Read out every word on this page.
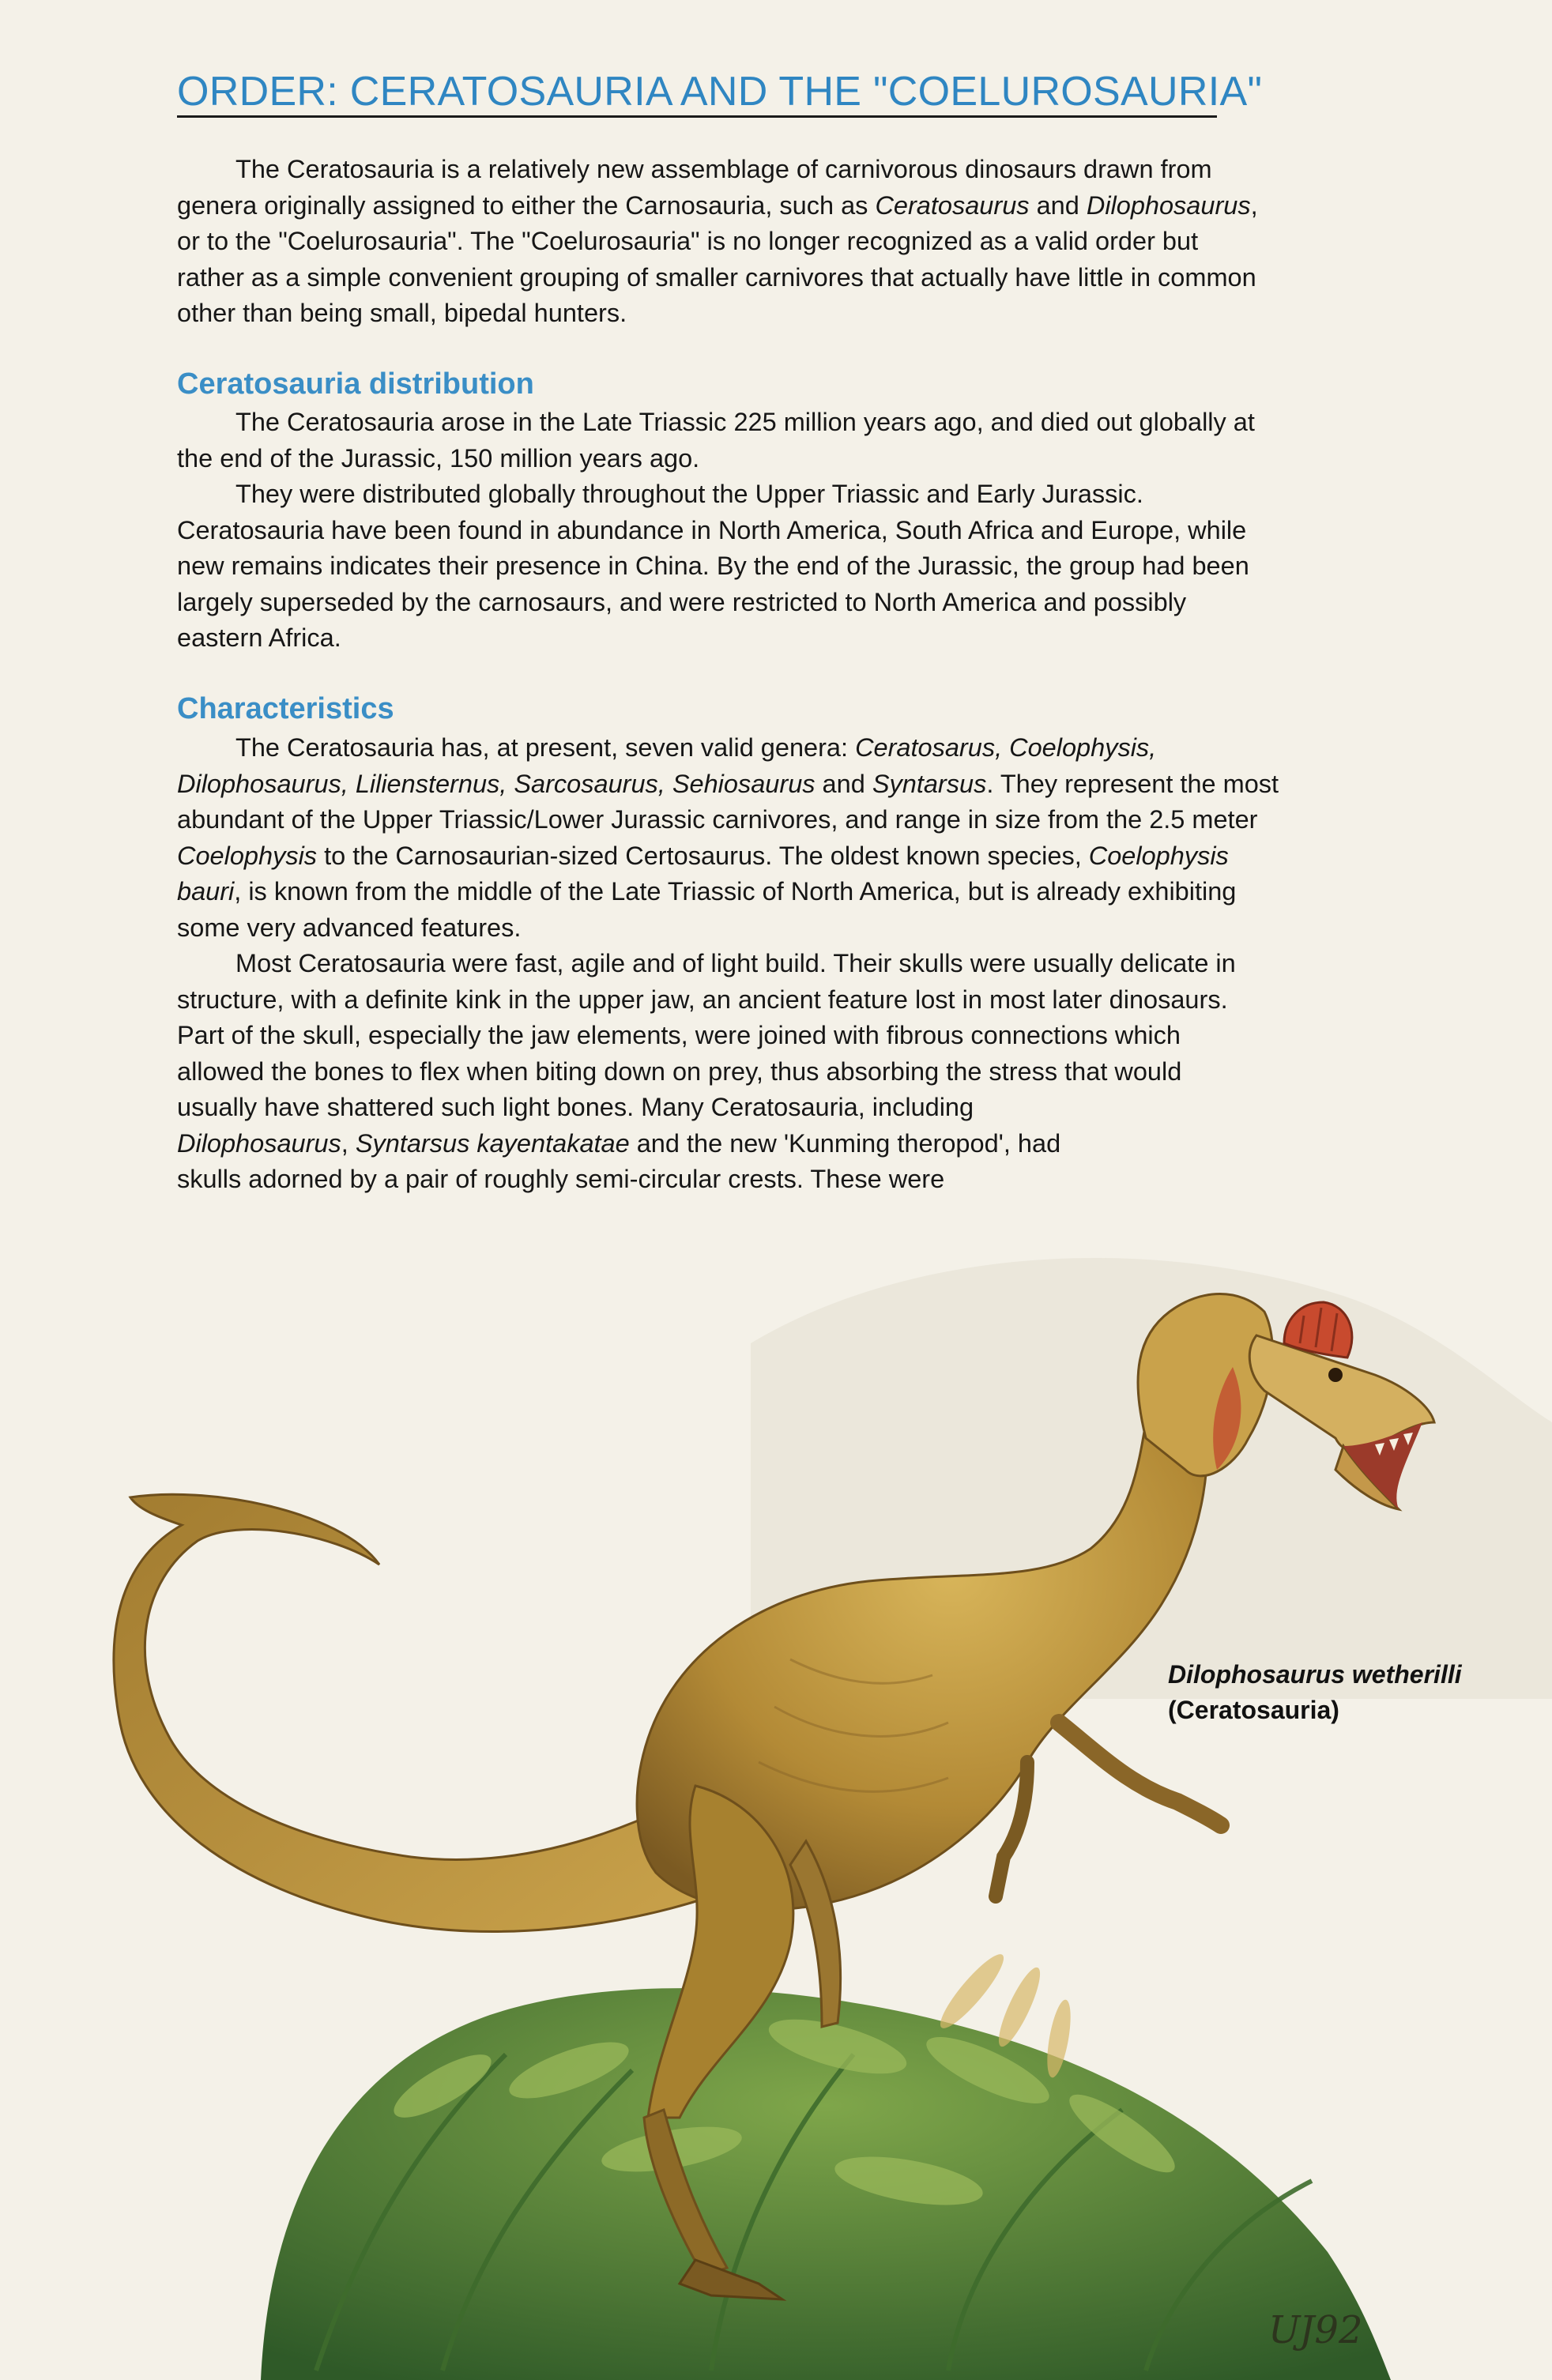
ORDER: CERATOSAURIA AND THE "COELUROSAURIA"

The Ceratosauria is a relatively new assemblage of carnivorous dinosaurs drawn from

genera originally assigned to either the Carnosauria, such as Ceratosaurus and Dilophosaurus,

or to the "Coelurosauria". The "Coelurosauria" is no longer recognized as a valid order but

rather as a simple convenient grouping of smaller carnivores that actually have little in common

other than being small, bipedal hunters.

Ceratosauria distribution

The Ceratosauria arose in the Late Triassic 225 million years ago, and died out globally at

the end of the Jurassic, 150 million years ago.

They were distributed globally throughout the Upper Triassic and Early Jurassic.

Ceratosauria have been found in abundance in North America, South Africa and Europe, while

new remains indicates their presence in China. By the end of the Jurassic, the group had been

largely superseded by the carnosaurs, and were restricted to North America and possibly

eastern Africa.

Characteristics

The Ceratosauria has, at present, seven valid genera: Ceratosarus, Coelophysis,

Dilophosaurus, Liliensternus, Sarcosaurus, Sehiosaurus and Syntarsus. They represent the most

abundant of the Upper Triassic/Lower Jurassic carnivores, and range in size from the 2.5 meter

Coelophysis to the Carnosaurian-sized Certosaurus. The oldest known species, Coelophysis

bauri, is known from the middle of the Late Triassic of North America, but is already exhibiting

some very advanced features.

Most Ceratosauria were fast, agile and of light build. Their skulls were usually delicate in

structure, with a definite kink in the upper jaw, an ancient feature lost in most later dinosaurs.

Part of the skull, especially the jaw elements, were joined with fibrous connections which

allowed the bones to flex when biting down on prey, thus absorbing the stress that would

usually have shattered such light bones. Many Ceratosauria, including

Dilophosaurus, Syntarsus kayentakatae and the new 'Kunming theropod', had

skulls adorned by a pair of roughly semi-circular crests. These were

UJ92
Dilophosaurus wetherilli
(Ceratosauria)
